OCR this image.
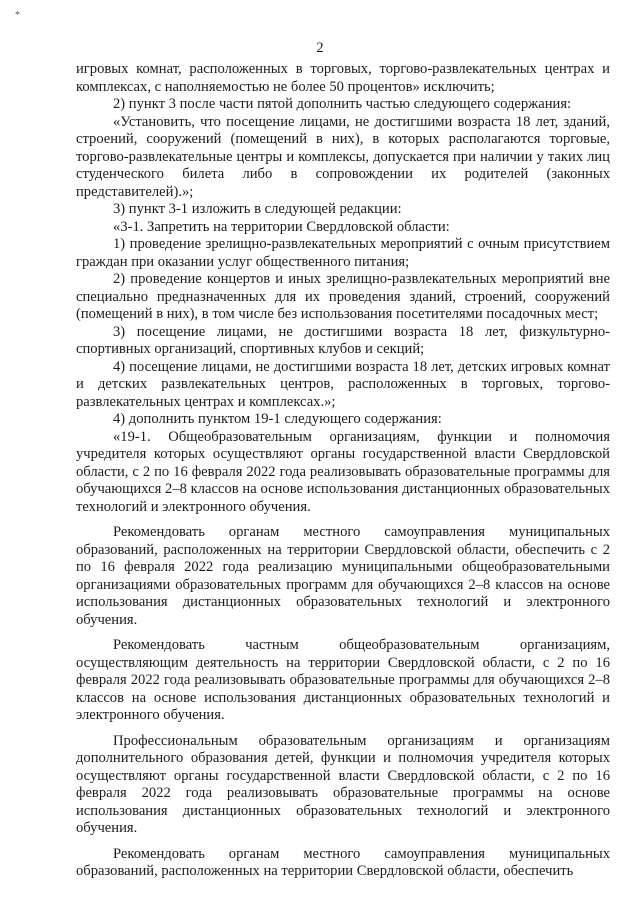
*
2

игровых комнат, расположенных в торговых, торгово-развлекательных центрах и комплексах, с наполняемостью не более 50 процентов» исключить;

2) пункт 3 после части пятой дополнить частью следующего содержания:

«Установить, что посещение лицами, не достигшими возраста 18 лет, зданий, строений, сооружений (помещений в них), в которых располагаются торговые, торгово-развлекательные центры и комплексы, допускается при наличии у таких лиц студенческого билета либо в сопровождении их родителей (законных представителей).»;

3) пункт 3-1 изложить в следующей редакции:

«3-1. Запретить на территории Свердловской области:

1) проведение зрелищно-развлекательных мероприятий с очным присутствием граждан при оказании услуг общественного питания;

2) проведение концертов и иных зрелищно-развлекательных мероприятий вне специально предназначенных для их проведения зданий, строений, сооружений (помещений в них), в том числе без использования посетителями посадочных мест;

3) посещение лицами, не достигшими возраста 18 лет, физкультурно-спортивных организаций, спортивных клубов и секций;

4) посещение лицами, не достигшими возраста 18 лет, детских игровых комнат и детских развлекательных центров, расположенных в торговых, торгово-развлекательных центрах и комплексах.»;

4) дополнить пунктом 19-1 следующего содержания:

«19-1. Общеобразовательным организациям, функции и полномочия учредителя которых осуществляют органы государственной власти Свердловской области, с 2 по 16 февраля 2022 года реализовывать образовательные программы для обучающихся 2–8 классов на основе использования дистанционных образовательных технологий и электронного обучения.

Рекомендовать органам местного самоуправления муниципальных образований, расположенных на территории Свердловской области, обеспечить с 2 по 16 февраля 2022 года реализацию муниципальными общеобразовательными организациями образовательных программ для обучающихся 2–8 классов на основе использования дистанционных образовательных технологий и электронного обучения.

Рекомендовать частным общеобразовательным организациям, осуществляющим деятельность на территории Свердловской области, с 2 по 16 февраля 2022 года реализовывать образовательные программы для обучающихся 2–8 классов на основе использования дистанционных образовательных технологий и электронного обучения.

Профессиональным образовательным организациям и организациям дополнительного образования детей, функции и полномочия учредителя которых осуществляют органы государственной власти Свердловской области, с 2 по 16 февраля 2022 года реализовывать образовательные программы на основе использования дистанционных образовательных технологий и электронного обучения.

Рекомендовать органам местного самоуправления муниципальных образований, расположенных на территории Свердловской области, обеспечить
